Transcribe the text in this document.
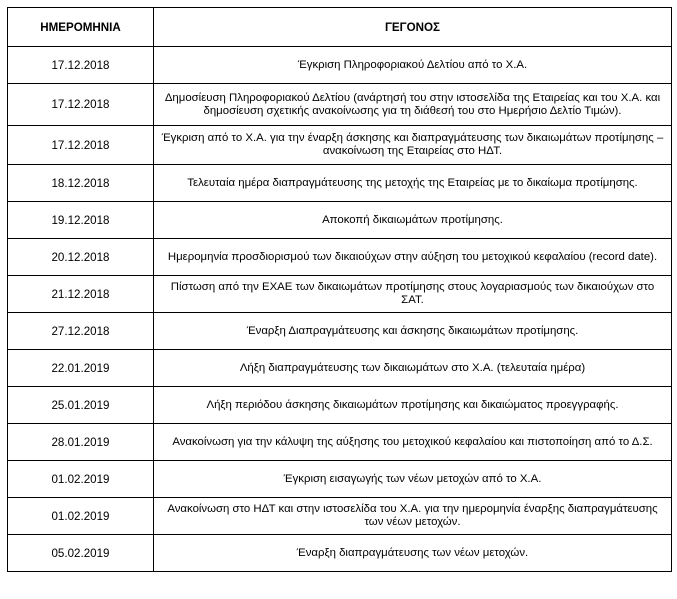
ΗΜΕΡΟΜΗΝΙΑ	ΓΕΓΟΝΟΣ
17.12.2018	Έγκριση Πληροφοριακού Δελτίου από το Χ.Α.
17.12.2018	Δημοσίευση Πληροφοριακού Δελτίου (ανάρτησή του στην ιστοσελίδα της Εταιρείας και του Χ.Α. και δημοσίευση σχετικής ανακοίνωσης για τη διάθεσή του στο Ημερήσιο Δελτίο Τιμών).
17.12.2018	Έγκριση από το Χ.Α. για την έναρξη άσκησης και διαπραγμάτευσης των δικαιωμάτων προτίμησης – ανακοίνωση της Εταιρείας στο ΗΔΤ.
18.12.2018	Τελευταία ημέρα διαπραγμάτευσης της μετοχής της Εταιρείας με το δικαίωμα προτίμησης.
19.12.2018	Αποκοπή δικαιωμάτων προτίμησης.
20.12.2018	Ημερομηνία προσδιορισμού των δικαιούχων στην αύξηση του μετοχικού κεφαλαίου (record date).
21.12.2018	Πίστωση από την ΕΧΑΕ των δικαιωμάτων προτίμησης στους λογαριασμούς των δικαιούχων στο ΣΑΤ.
27.12.2018	Έναρξη Διαπραγμάτευσης και άσκησης δικαιωμάτων προτίμησης.
22.01.2019	Λήξη διαπραγμάτευσης των δικαιωμάτων στο Χ.Α. (τελευταία ημέρα)
25.01.2019	Λήξη περιόδου άσκησης δικαιωμάτων προτίμησης και δικαιώματος προεγγραφής.
28.01.2019	Ανακοίνωση για την κάλυψη της αύξησης του μετοχικού κεφαλαίου και πιστοποίηση από το Δ.Σ.
01.02.2019	Έγκριση εισαγωγής των νέων μετοχών από το Χ.Α.
01.02.2019	Ανακοίνωση στο ΗΔΤ και στην ιστοσελίδα του Χ.Α. για την ημερομηνία έναρξης διαπραγμάτευσης των νέων μετοχών.
05.02.2019	Έναρξη διαπραγμάτευσης των νέων μετοχών.
